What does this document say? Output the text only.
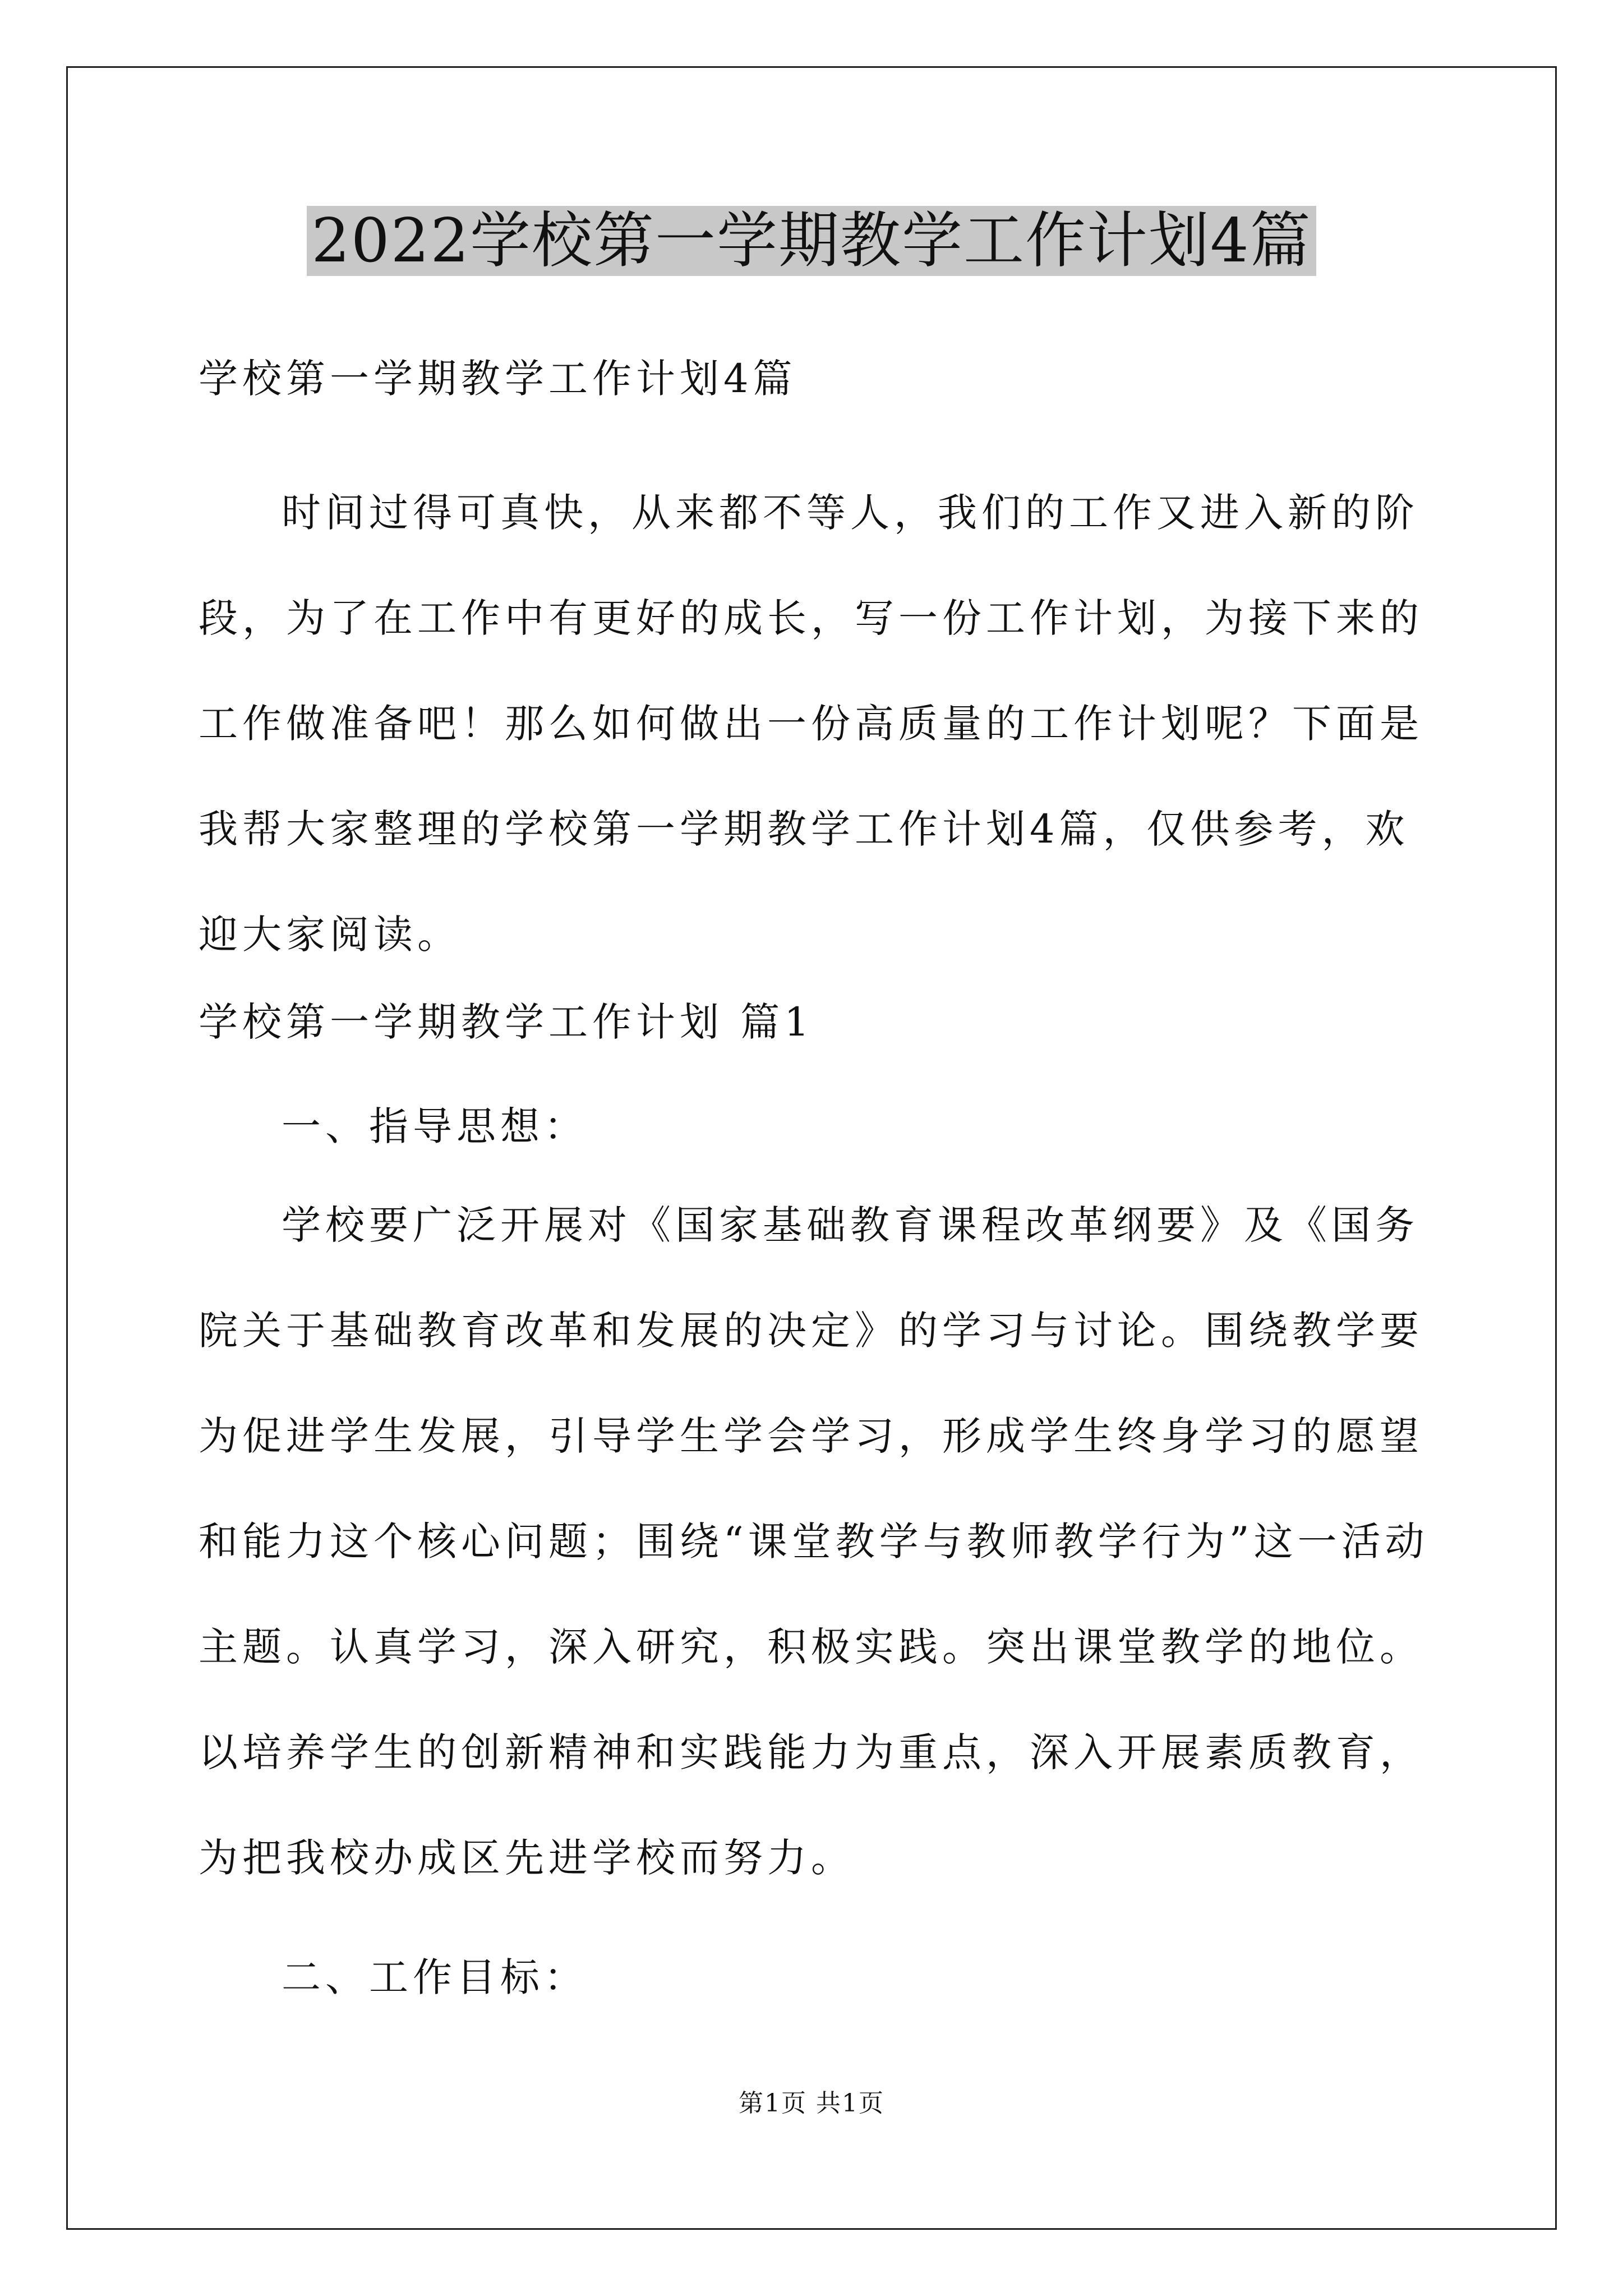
2022学校第一学期教学工作计划4篇
学校第一学期教学工作计划4篇

时间过得可真快，从来都不等人，我们的工作又进入新的阶段，为了在工作中有更好的成长，写一份工作计划，为接下来的工作做准备吧！那么如何做出一份高质量的工作计划呢？下面是我帮大家整理的学校第一学期教学工作计划4篇，仅供参考，欢迎大家阅读。

学校第一学期教学工作计划 篇1
一、指导思想：

学校要广泛开展对《国家基础教育课程改革纲要》及《国务院关于基础教育改革和发展的决定》的学习与讨论。围绕教学要为促进学生发展，引导学生学会学习，形成学生终身学习的愿望和能力这个核心问题；围绕“课堂教学与教师教学行为”这一活动主题。认真学习，深入研究，积极实践。突出课堂教学的地位。以培养学生的创新精神和实践能力为重点，深入开展素质教育，为把我校办成区先进学校而努力。

二、工作目标：
第1页 共1页
